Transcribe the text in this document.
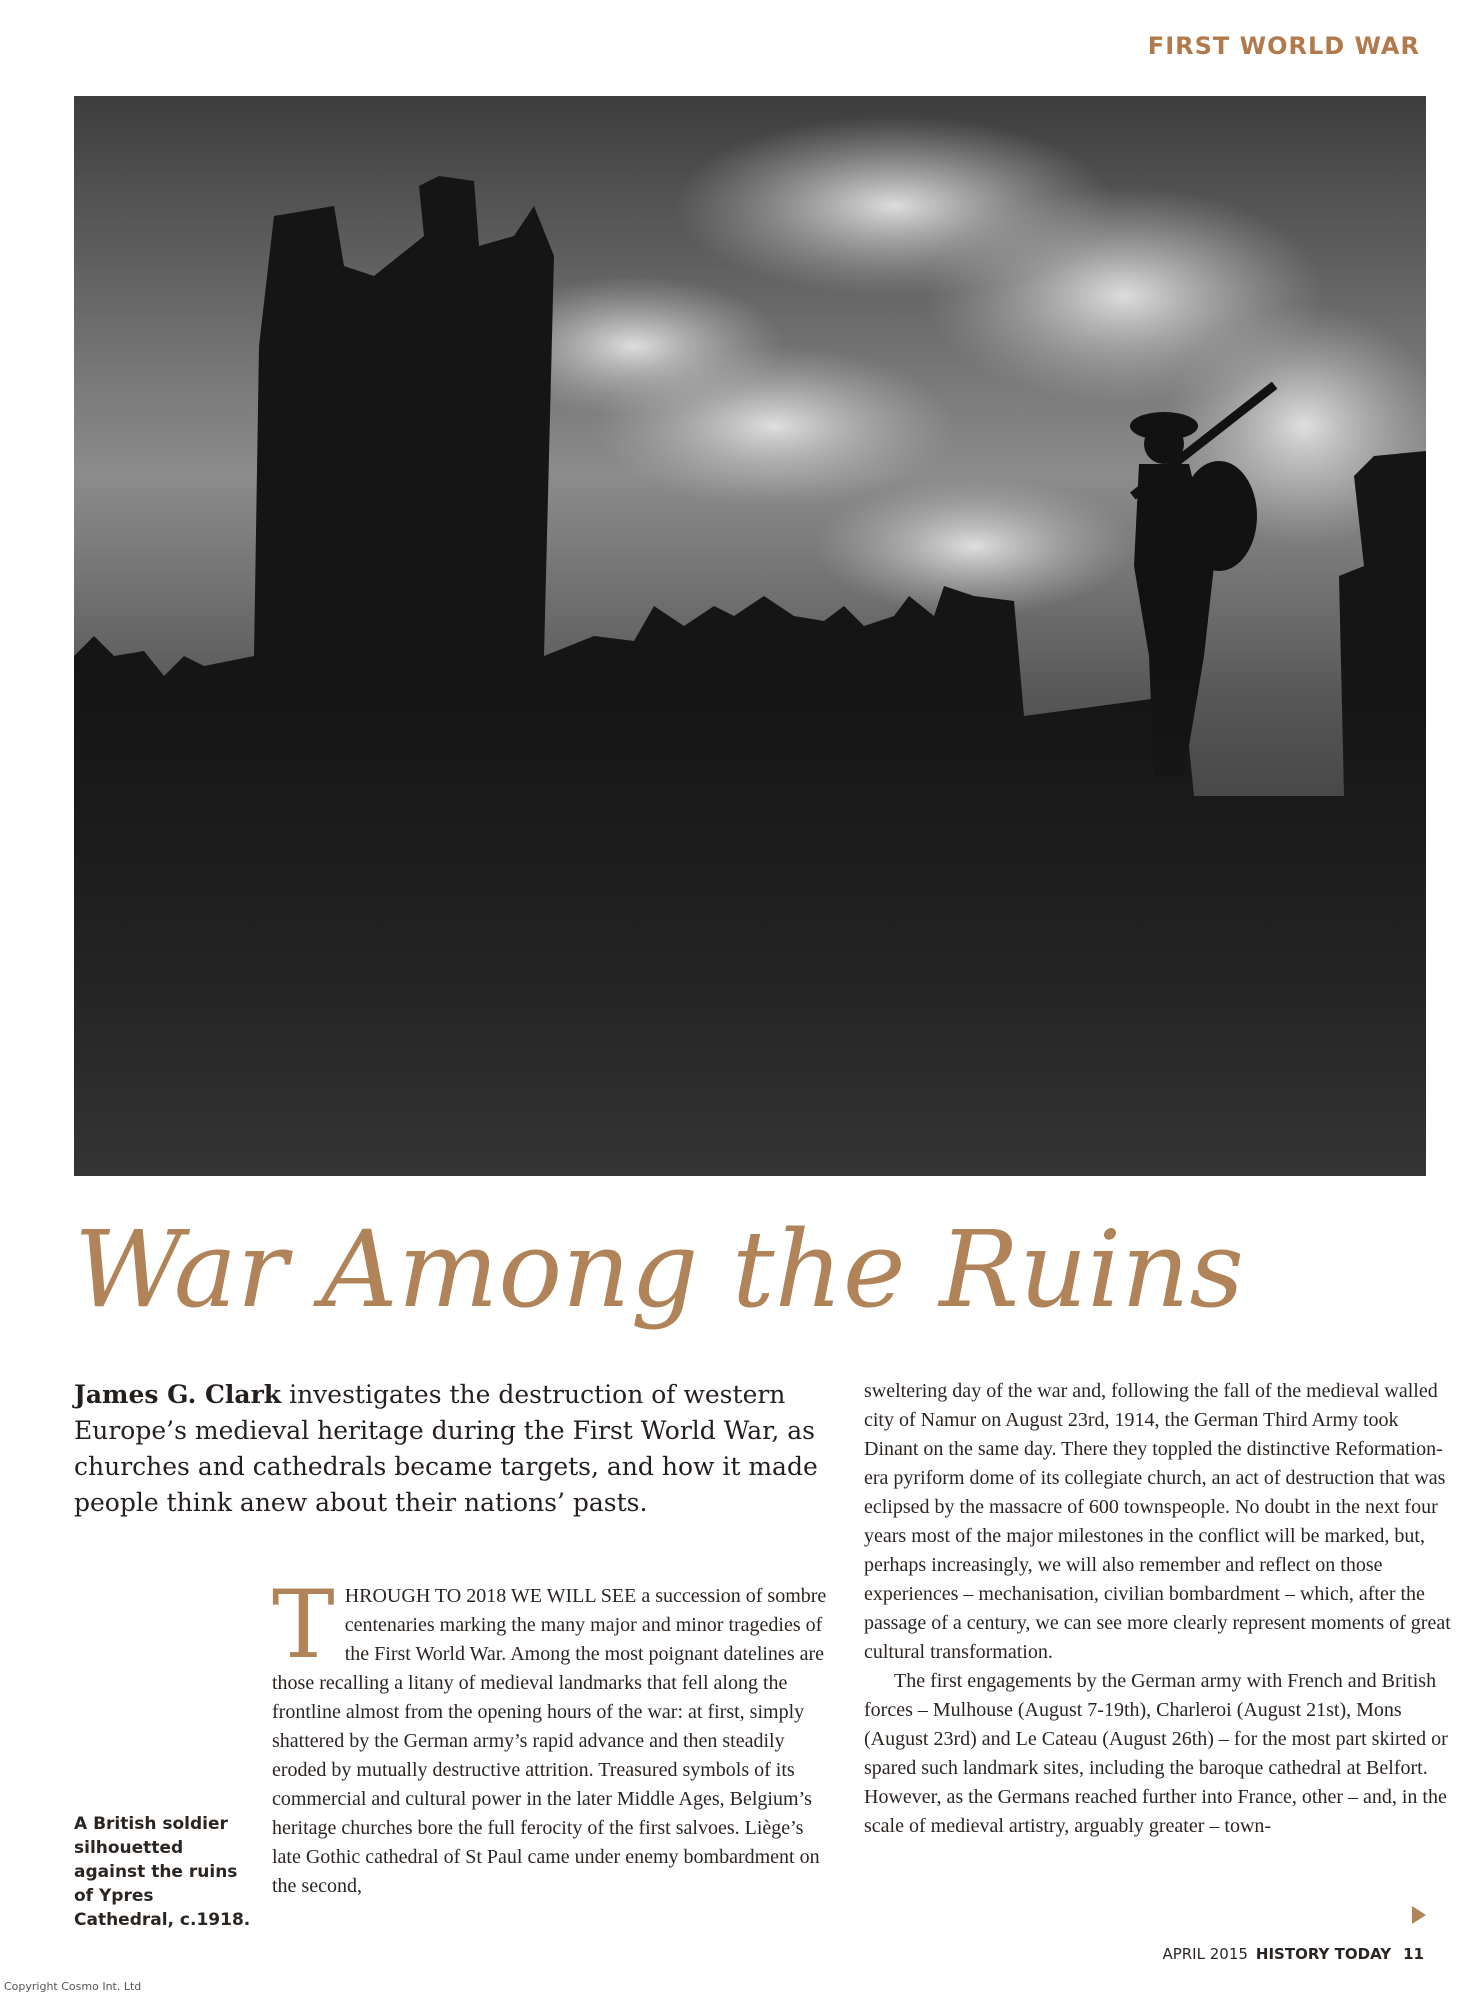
FIRST WORLD WAR
War Among the Ruins
James G. Clark investigates the destruction of western Europe’s medieval heritage during the First World War, as churches and cathedrals became targets, and how it made people think anew about their nations’ pasts.
T HROUGH TO 2018 WE WILL SEE a succession of sombre centenaries marking the many major and minor tragedies of the First World War. Among the most poignant datelines are those recalling a litany of medieval landmarks that fell along the frontline almost from the opening hours of the war: at first, simply shattered by the German army’s rapid advance and then steadily eroded by mutually destructive attrition. Treasured symbols of its commercial and cultural power in the later Middle Ages, Belgium’s heritage churches bore the full ferocity of the first salvoes. Liège’s late Gothic cathedral of St Paul came under enemy bombardment on the second,

sweltering day of the war and, following the fall of the medieval walled city of Namur on August 23rd, 1914, the German Third Army took Dinant on the same day. There they toppled the distinctive Reformation-era pyriform dome of its collegiate church, an act of destruction that was eclipsed by the massacre of 600 townspeople. No doubt in the next four years most of the major milestones in the conflict will be marked, but, perhaps increasingly, we will also remember and reflect on those experiences – mechanisation, civilian bombardment – which, after the passage of a century, we can see more clearly represent moments of great cultural transformation.

The first engagements by the German army with French and British forces – Mulhouse (August 7-19th), Charleroi (August 21st), Mons (August 23rd) and Le Cateau (August 26th) – for the most part skirted or spared such landmark sites, including the baroque cathedral at Belfort. However, as the Germans reached further into France, other – and, in the scale of medieval artistry, arguably greater – town-

A British soldier silhouetted against the ruins of Ypres Cathedral, c.1918.
APRIL 2015 HISTORY TODAY 11
Copyright Cosmo Int. Ltd
